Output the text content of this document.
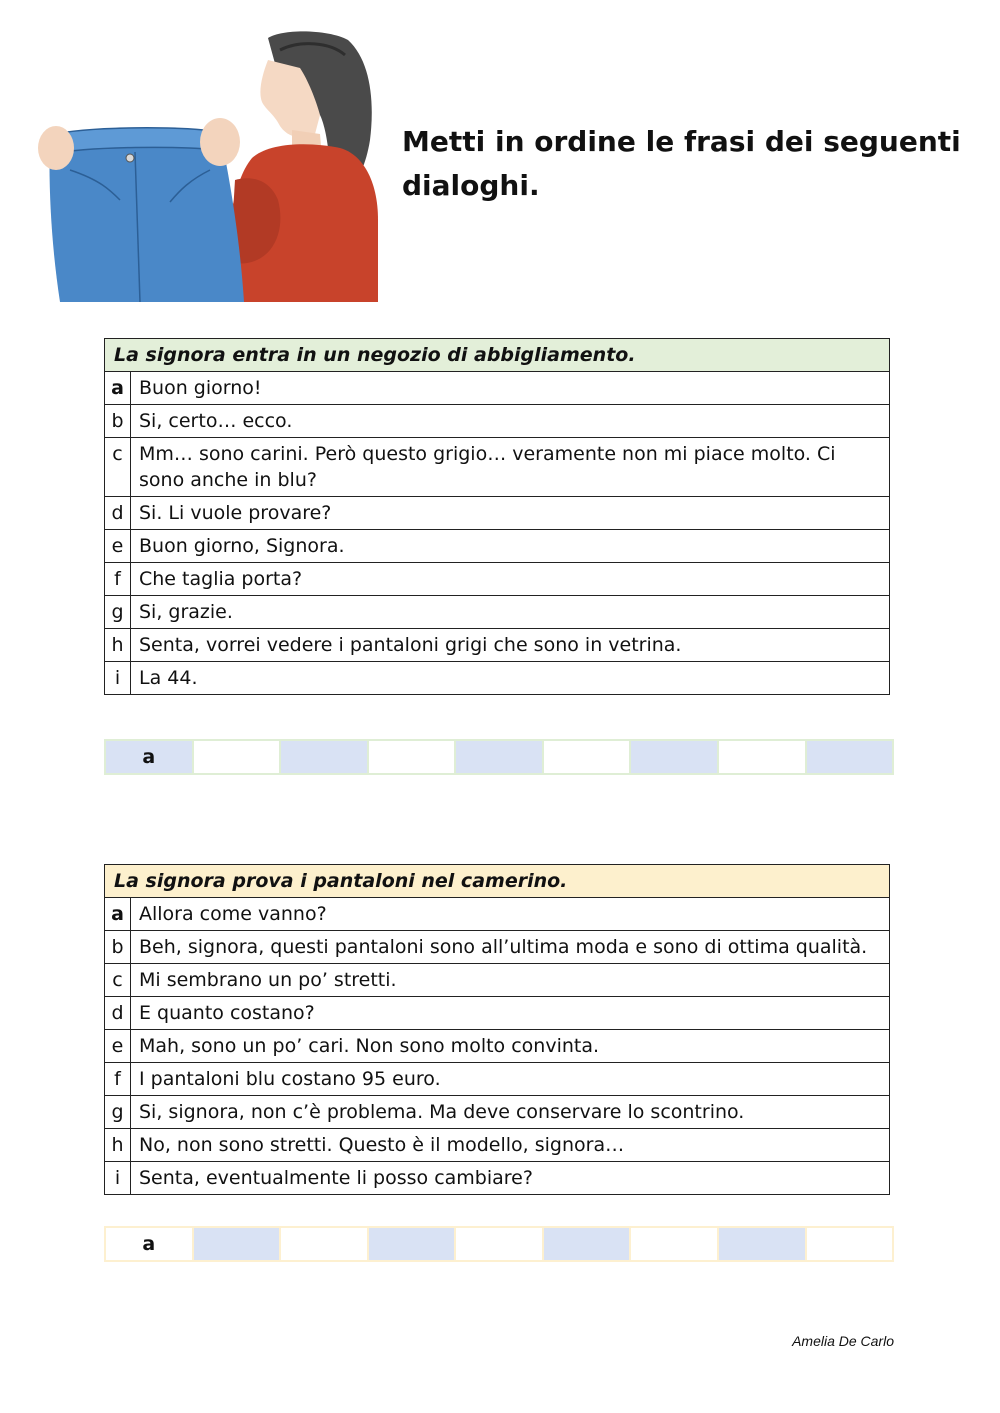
Metti in ordine le frasi dei seguenti dialoghi.
La signora entra in un negozio di abbigliamento.	
a	Buon giorno!
b	Si, certo… ecco.
c	Mm… sono carini. Però questo grigio… veramente non mi piace molto. Ci sono anche in blu?
d	Si. Li vuole provare?
e	Buon giorno, Signora.
f	Che taglia porta?
g	Si, grazie.
h	Senta, vorrei vedere i pantaloni grigi che sono in vetrina.
i	La 44.
a
La signora prova i pantaloni nel camerino.	
a	Allora come vanno?
b	Beh, signora, questi pantaloni sono all’ultima moda e sono di ottima qualità.
c	Mi sembrano un po’ stretti.
d	E quanto costano?
e	Mah, sono un po’ cari. Non sono molto convinta.
f	I pantaloni blu costano 95 euro.
g	Si, signora, non c’è problema. Ma deve conservare lo scontrino.
h	No, non sono stretti. Questo è il modello, signora…
i	Senta, eventualmente li posso cambiare?
a
Amelia De Carlo
